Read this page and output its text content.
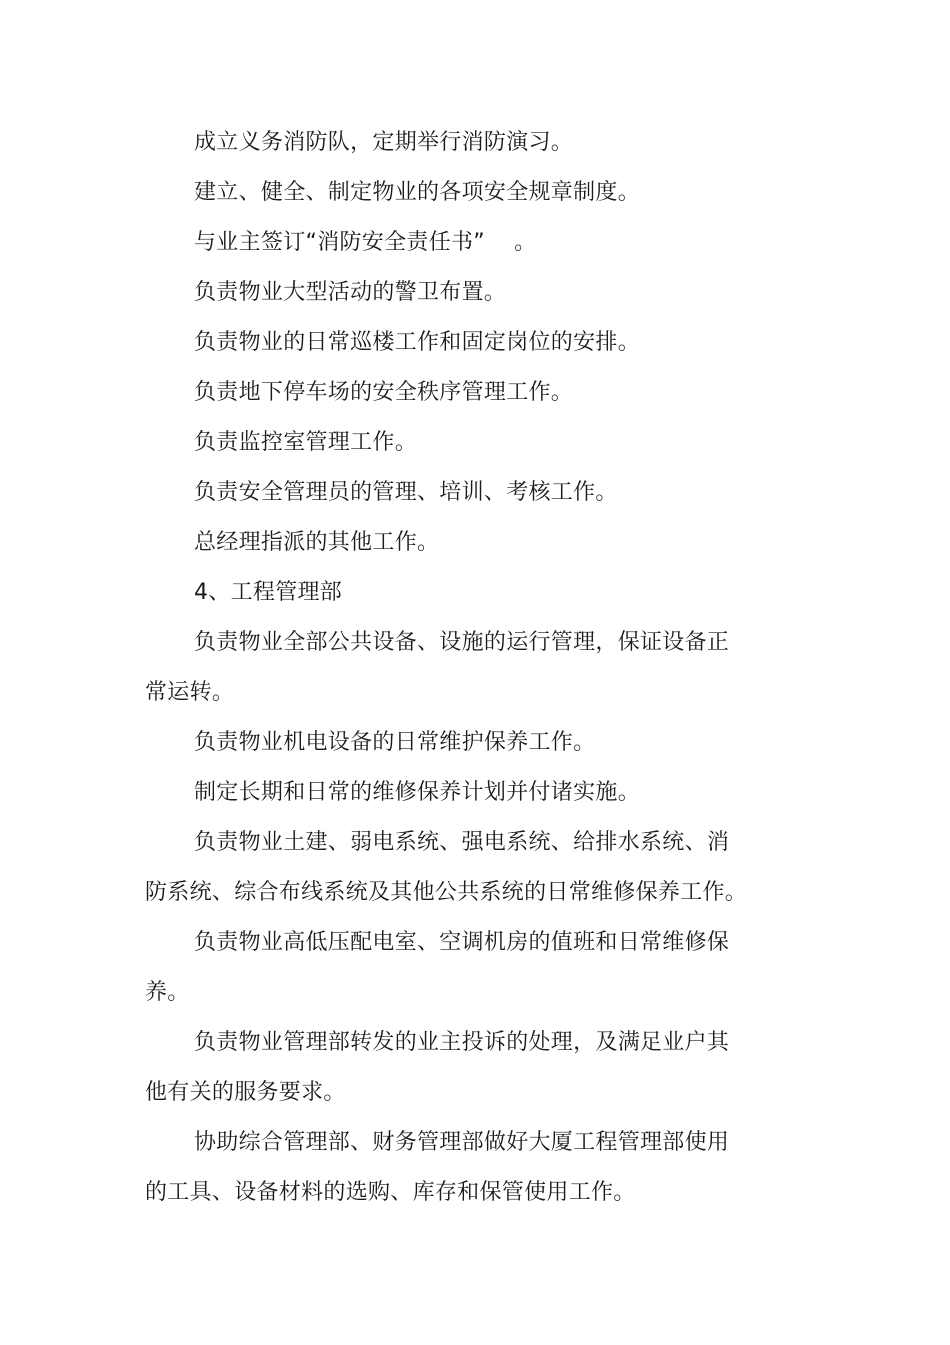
成立义务消防队，定期举行消防演习。

建立、健全、制定物业的各项安全规章制度。

与业主签订“消防安全责任书”    。

负责物业大型活动的警卫布置。

负责物业的日常巡楼工作和固定岗位的安排。

负责地下停车场的安全秩序管理工作。

负责监控室管理工作。

负责安全管理员的管理、培训、考核工作。

总经理指派的其他工作。

4、工程管理部

负责物业全部公共设备、设施的运行管理，保证设备正常运转。

负责物业机电设备的日常维护保养工作。

制定长期和日常的维修保养计划并付诸实施。

负责物业土建、弱电系统、强电系统、给排水系统、消防系统、综合布线系统及其他公共系统的日常维修保养工作。

负责物业高低压配电室、空调机房的值班和日常维修保养。

负责物业管理部转发的业主投诉的处理，及满足业户其他有关的服务要求。

协助综合管理部、财务管理部做好大厦工程管理部使用的工具、设备材料的选购、库存和保管使用工作。
